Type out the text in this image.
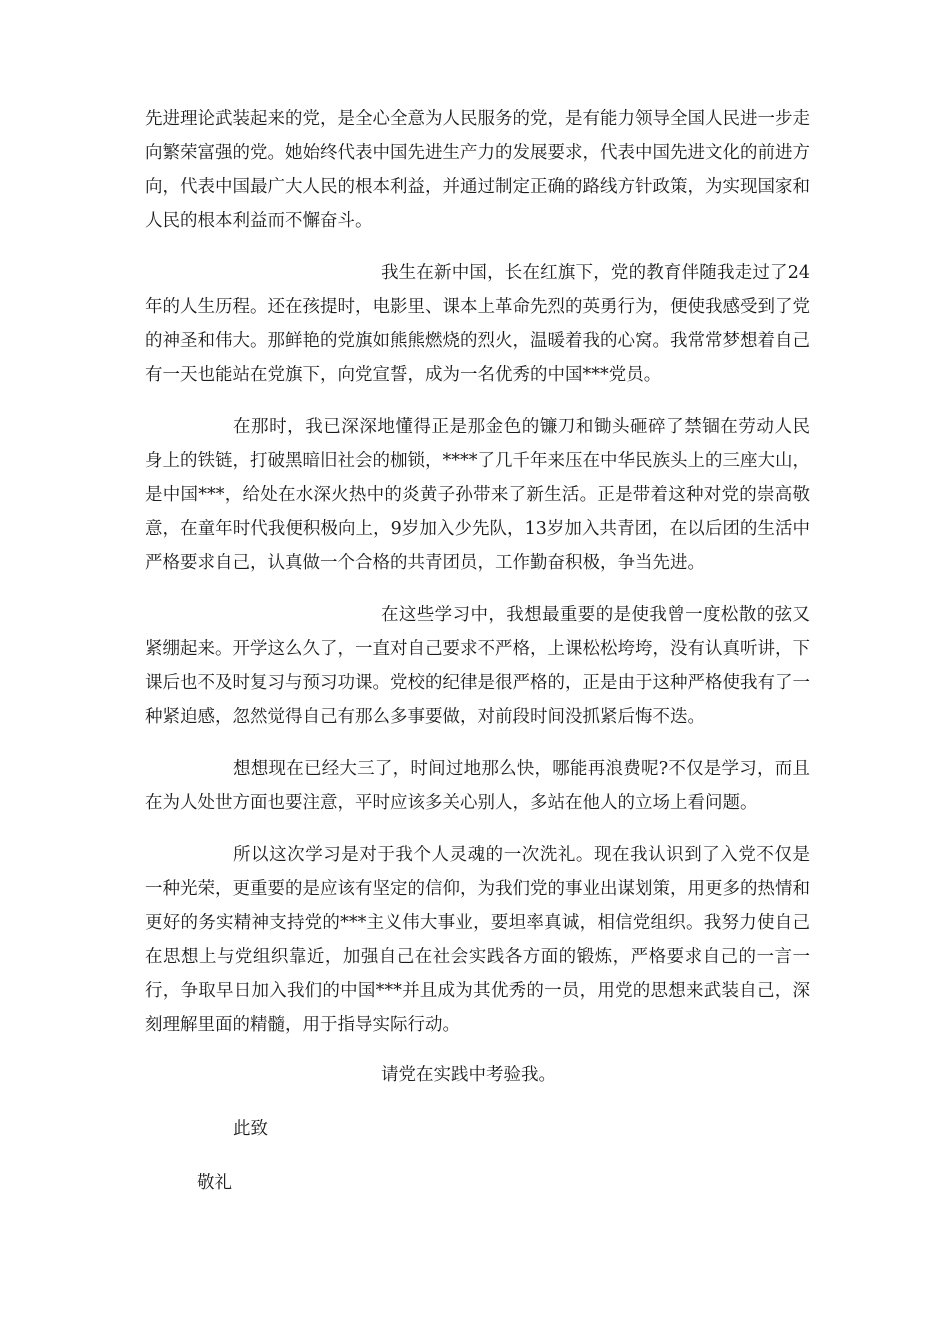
先进理论武装起来的党，是全心全意为人民服务的党，是有能力领导全国人民进一步走向繁荣富强的党。她始终代表中国先进生产力的发展要求，代表中国先进文化的前进方向，代表中国最广大人民的根本利益，并通过制定正确的路线方针政策，为实现国家和人民的根本利益而不懈奋斗。

我生在新中国，长在红旗下，党的教育伴随我走过了24年的人生历程。还在孩提时，电影里、课本上革命先烈的英勇行为，便使我感受到了党的神圣和伟大。那鲜艳的党旗如熊熊燃烧的烈火，温暖着我的心窝。我常常梦想着自己有一天也能站在党旗下，向党宣誓，成为一名优秀的中国***党员。

在那时，我已深深地懂得正是那金色的镰刀和锄头砸碎了禁锢在劳动人民身上的铁链，打破黑暗旧社会的枷锁，****了几千年来压在中华民族头上的三座大山，是中国***，给处在水深火热中的炎黄子孙带来了新生活。正是带着这种对党的崇高敬意，在童年时代我便积极向上，9岁加入少先队，13岁加入共青团，在以后团的生活中严格要求自己，认真做一个合格的共青团员，工作勤奋积极，争当先进。

在这些学习中，我想最重要的是使我曾一度松散的弦又紧绷起来。开学这么久了，一直对自己要求不严格，上课松松垮垮，没有认真听讲，下课后也不及时复习与预习功课。党校的纪律是很严格的，正是由于这种严格使我有了一种紧迫感，忽然觉得自己有那么多事要做，对前段时间没抓紧后悔不迭。

想想现在已经大三了，时间过地那么快，哪能再浪费呢?不仅是学习，而且在为人处世方面也要注意，平时应该多关心别人，多站在他人的立场上看问题。

所以这次学习是对于我个人灵魂的一次洗礼。现在我认识到了入党不仅是一种光荣，更重要的是应该有坚定的信仰，为我们党的事业出谋划策，用更多的热情和更好的务实精神支持党的***主义伟大事业，要坦率真诚，相信党组织。我努力使自己在思想上与党组织靠近，加强自己在社会实践各方面的锻炼，严格要求自己的一言一行，争取早日加入我们的中国***并且成为其优秀的一员，用党的思想来武装自己，深刻理解里面的精髓，用于指导实际行动。

请党在实践中考验我。

此致

敬礼
